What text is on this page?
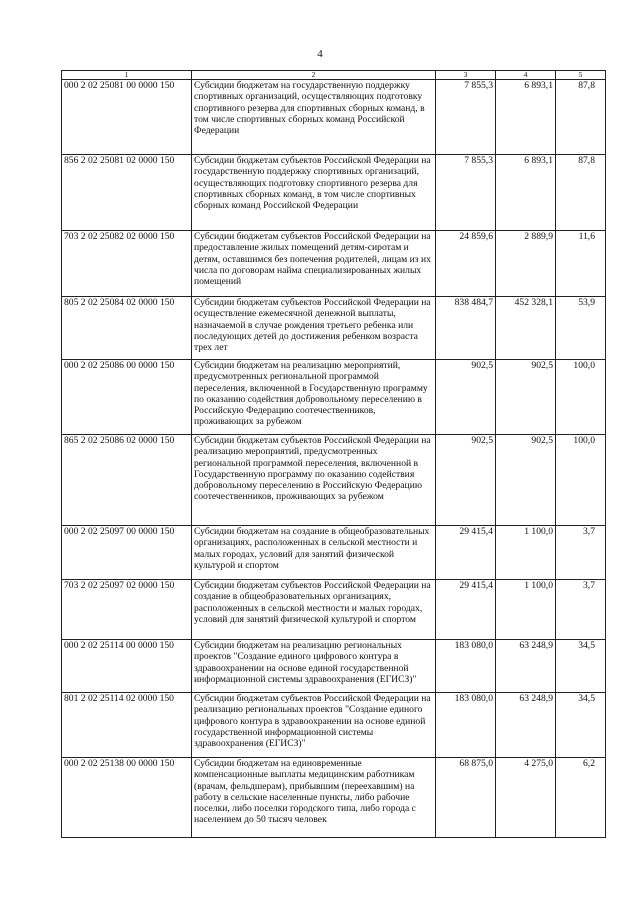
4
1	2	3	4	5
000 2 02 25081 00 0000 150	Субсидии бюджетам на государственную поддержку спортивных организаций, осуществляющих подготовку спортивного резерва для спортивных сборных команд, в том числе спортивных сборных команд Российской Федерации	7 855,3	6 893,1	87,8
856 2 02 25081 02 0000 150	Субсидии бюджетам субъектов Российской Федерации на государственную поддержку спортивных организаций, осуществляющих подготовку спортивного резерва для спортивных сборных команд, в том числе спортивных сборных команд Российской Федерации	7 855,3	6 893,1	87,8
703 2 02 25082 02 0000 150	Субсидии бюджетам субъектов Российской Федерации на предоставление жилых помещений детям-сиротам и детям, оставшимся без попечения родителей, лицам из их числа по договорам найма специализированных жилых помещений	24 859,6	2 889,9	11,6
805 2 02 25084 02 0000 150	Субсидии бюджетам субъектов Российской Федерации на осуществление ежемесячной денежной выплаты, назначаемой в случае рождения третьего ребенка или последующих детей до достижения ребенком возраста трех лет	838 484,7	452 328,1	53,9
000 2 02 25086 00 0000 150	Субсидии бюджетам на реализацию мероприятий, предусмотренных региональной программой переселения, включенной в Государственную программу по оказанию содействия добровольному переселению в Российскую Федерацию соотечественников, проживающих за рубежом	902,5	902,5	100,0
865 2 02 25086 02 0000 150	Субсидии бюджетам субъектов Российской Федерации на реализацию мероприятий, предусмотренных региональной программой переселения, включенной в Государственную программу по оказанию содействия добровольному переселению в Российскую Федерацию соотечественников, проживающих за рубежом	902,5	902,5	100,0
000 2 02 25097 00 0000 150	Субсидии бюджетам на создание в общеобразовательных организациях, расположенных в сельской местности и малых городах, условий для занятий физической культурой и спортом	29 415,4	1 100,0	3,7
703 2 02 25097 02 0000 150	Субсидии бюджетам субъектов Российской Федерации на создание в общеобразовательных организациях, расположенных в сельской местности и малых городах, условий для занятий физической культурой и спортом	29 415,4	1 100,0	3,7
000 2 02 25114 00 0000 150	Субсидии бюджетам на реализацию региональных проектов "Создание единого цифрового контура в здравоохранении на основе единой государственной информационной системы здравоохранения (ЕГИСЗ)"	183 080,0	63 248,9	34,5
801 2 02 25114 02 0000 150	Субсидии бюджетам субъектов Российской Федерации на реализацию региональных проектов "Создание единого цифрового контура в здравоохранении на основе единой государственной информационной системы здравоохранения (ЕГИСЗ)"	183 080,0	63 248,9	34,5
000 2 02 25138 00 0000 150	Субсидии бюджетам на единовременные компенсационные выплаты медицинским работникам (врачам, фельдшерам), прибывшим (переехавшим) на работу в сельские населенные пункты, либо рабочие поселки, либо поселки городского типа, либо города с населением до 50 тысяч человек	68 875,0	4 275,0	6,2
